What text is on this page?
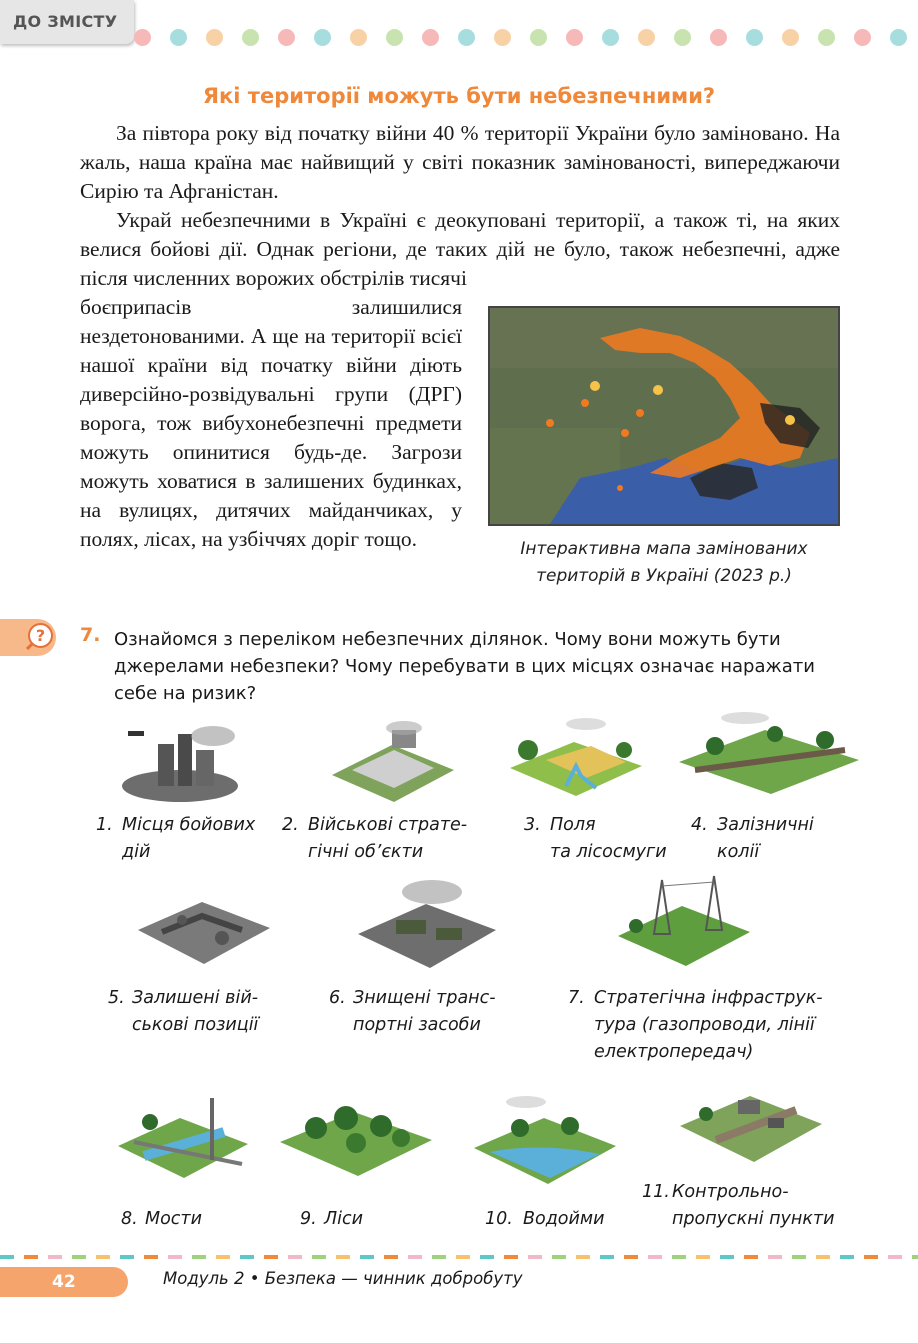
ДО ЗМІСТУ
Які території можуть бути небезпечними?
За півтора року від початку війни 40 % території України було заміновано. На жаль, наша країна має найвищий у світі показник замінованості, випереджаючи Сирію та Афганістан.
Украй небезпечними в Україні є деокуповані території, а також ті, на яких велися бойові дії. Однак регіони, де таких дій не було, також небезпечні, адже після численних ворожих обстрілів тисячі
боєприпасів залишилися нездетонованими. А ще на території всієї нашої країни від початку війни діють диверсійно-розвідувальні групи (ДРГ) ворога, тож вибухонебезпечні предмети можуть опинитися будь-де. Загрози можуть ховатися в залишених будинках, на вулицях, дитячих майданчиках, у полях, лісах, на узбіччях доріг тощо.	Інтерактивна мапа замінованих
територій в Україні (2023 р.)
?	7. Ознайомся з переліком небезпечних ділянок. Чому вони можуть бути джерелами небезпеки? Чому перебувати в цих місцях означає наражати себе на ризик?
1. Місця бойових
дій
2. Військові страте-
гічні об’єкти
3. Поля
та лісосмуги
4. Залізничні
колії
5. Залишені вій-
ськові позиції
6. Знищені транс-
портні засоби
7. Стратегічна інфраструк-
тура (газопроводи, лінії
електропередач)
8. Мости	9. Ліси	10. Водойми
11. Контрольно-
пропускні пункти
42	Модуль 2 • Безпека — чинник добробуту
